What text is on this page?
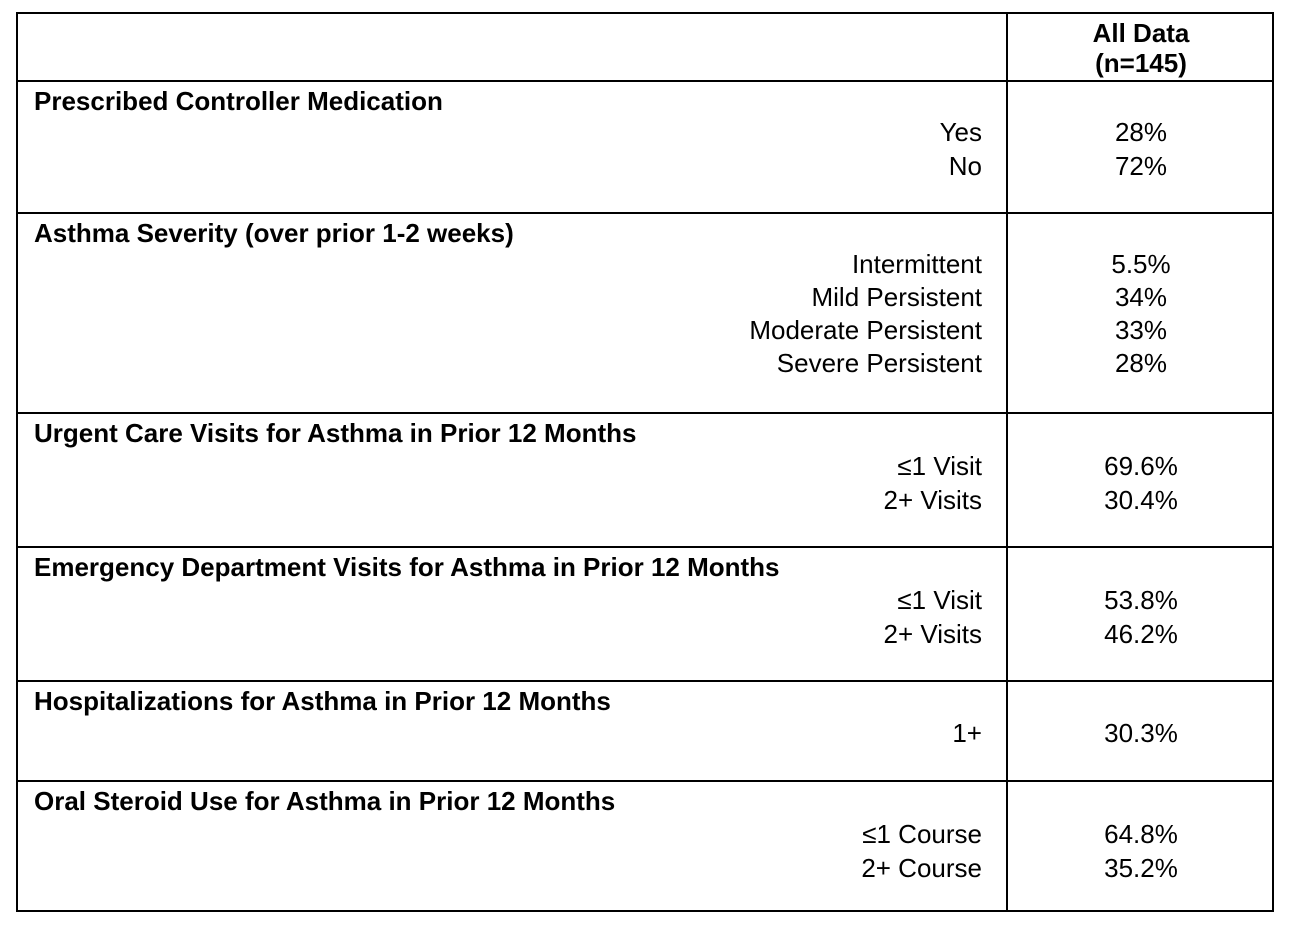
All Data
(n=145)
Prescribed Controller Medication
Yes	28%
No	72%
Asthma Severity (over prior 1-2 weeks)
Intermittent	5.5%
Mild Persistent	34%
Moderate Persistent	33%
Severe Persistent	28%
Urgent Care Visits for Asthma in Prior 12 Months
≤1 Visit	69.6%
2+ Visits	30.4%
Emergency Department Visits for Asthma in Prior 12 Months
≤1 Visit	53.8%
2+ Visits	46.2%
Hospitalizations for Asthma in Prior 12 Months
1+	30.3%
Oral Steroid Use for Asthma in Prior 12 Months
≤1 Course	64.8%
2+ Course	35.2%
